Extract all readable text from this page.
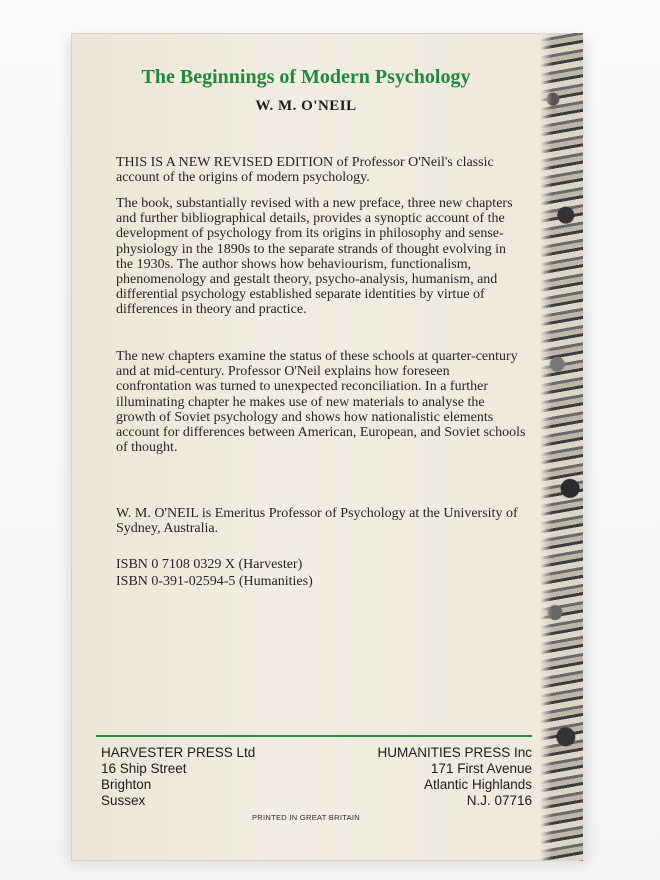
The Beginnings of Modern Psychology
W. M. O'NEIL

THIS IS A NEW REVISED EDITION of Professor O'Neil's classic account of the origins of modern psychology.

The book, substantially revised with a new preface, three new chapters and further bibliographical details, provides a synoptic account of the development of psychology from its origins in philosophy and sense-physiology in the 1890s to the separate strands of thought evolving in the 1930s. The author shows how behaviourism, functionalism, phenomenology and gestalt theory, psycho-analysis, humanism, and differential psychology established separate identities by virtue of differences in theory and practice.

The new chapters examine the status of these schools at quarter-century and at mid-century. Professor O'Neil explains how foreseen confrontation was turned to unexpected reconciliation. In a further illuminating chapter he makes use of new materials to analyse the growth of Soviet psychology and shows how nationalistic elements account for differences between American, European, and Soviet schools of thought.

W. M. O'NEIL is Emeritus Professor of Psychology at the University of Sydney, Australia.

ISBN 0 7108 0329 X (Harvester)
ISBN 0-391-02594-5 (Humanities)
HARVESTER PRESS Ltd
16 Ship Street
Brighton
Sussex
HUMANITIES PRESS Inc
171 First Avenue
Atlantic Highlands
N.J. 07716
PRINTED IN GREAT BRITAIN
